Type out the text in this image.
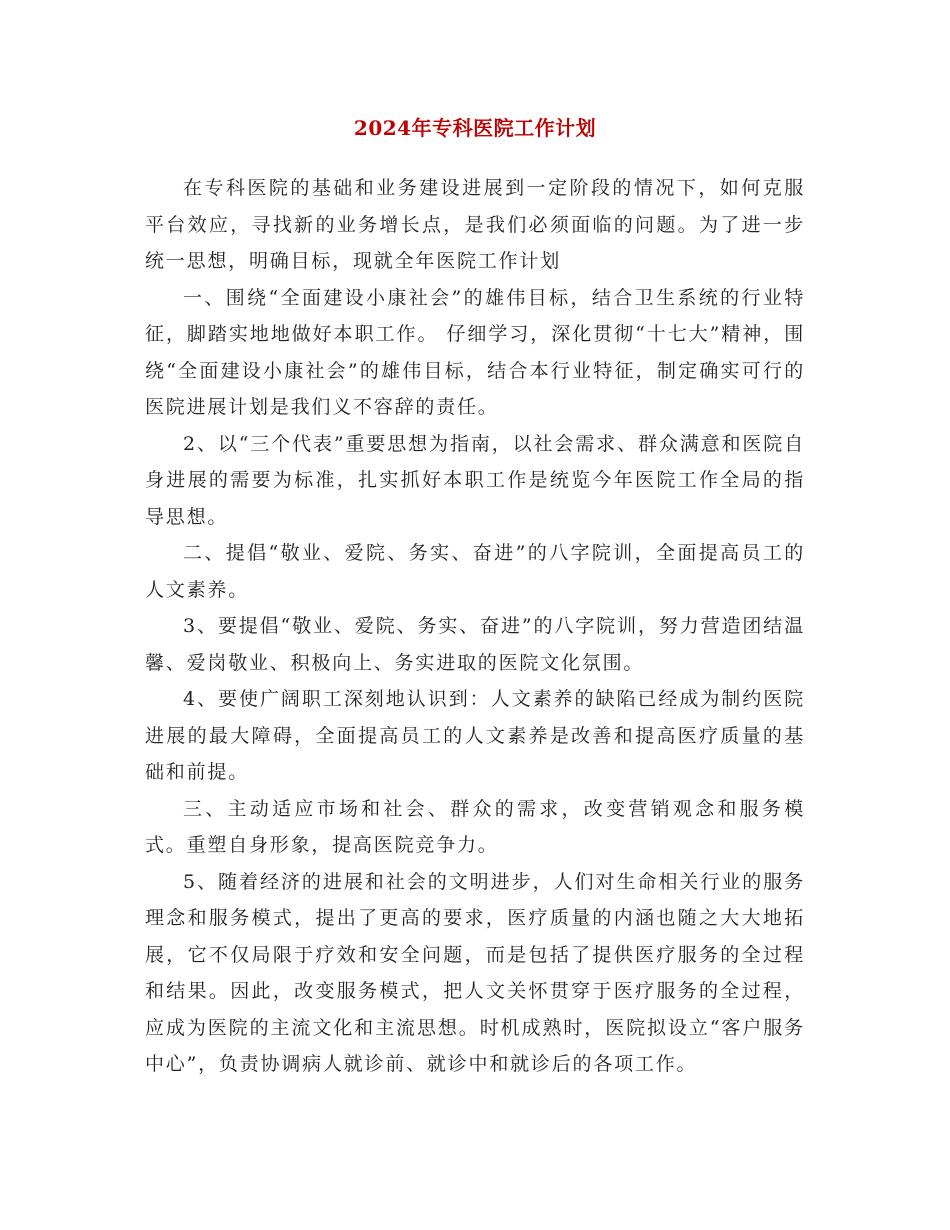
2024年专科医院工作计划

在专科医院的基础和业务建设进展到一定阶段的情况下，如何克服平台效应，寻找新的业务增长点，是我们必须面临的问题。为了进一步统一思想，明确目标，现就全年医院工作计划

一、围绕“全面建设小康社会”的雄伟目标，结合卫生系统的行业特征，脚踏实地地做好本职工作。 仔细学习，深化贯彻“十七大”精神，围绕“全面建设小康社会”的雄伟目标，结合本行业特征，制定确实可行的医院进展计划是我们义不容辞的责任。

2、以“三个代表”重要思想为指南，以社会需求、群众满意和医院自身进展的需要为标准，扎实抓好本职工作是统览今年医院工作全局的指导思想。

二、提倡“敬业、爱院、务实、奋进”的八字院训，全面提高员工的人文素养。

3、要提倡“敬业、爱院、务实、奋进”的八字院训，努力营造团结温馨、爱岗敬业、积极向上、务实进取的医院文化氛围。

4、要使广阔职工深刻地认识到：人文素养的缺陷已经成为制约医院进展的最大障碍，全面提高员工的人文素养是改善和提高医疗质量的基础和前提。

三、主动适应市场和社会、群众的需求，改变营销观念和服务模式。重塑自身形象，提高医院竞争力。

5、随着经济的进展和社会的文明进步，人们对生命相关行业的服务理念和服务模式，提出了更高的要求，医疗质量的内涵也随之大大地拓展，它不仅局限于疗效和安全问题，而是包括了提供医疗服务的全过程和结果。因此，改变服务模式，把人文关怀贯穿于医疗服务的全过程，应成为医院的主流文化和主流思想。时机成熟时，医院拟设立“客户服务中心”，负责协调病人就诊前、就诊中和就诊后的各项工作。
